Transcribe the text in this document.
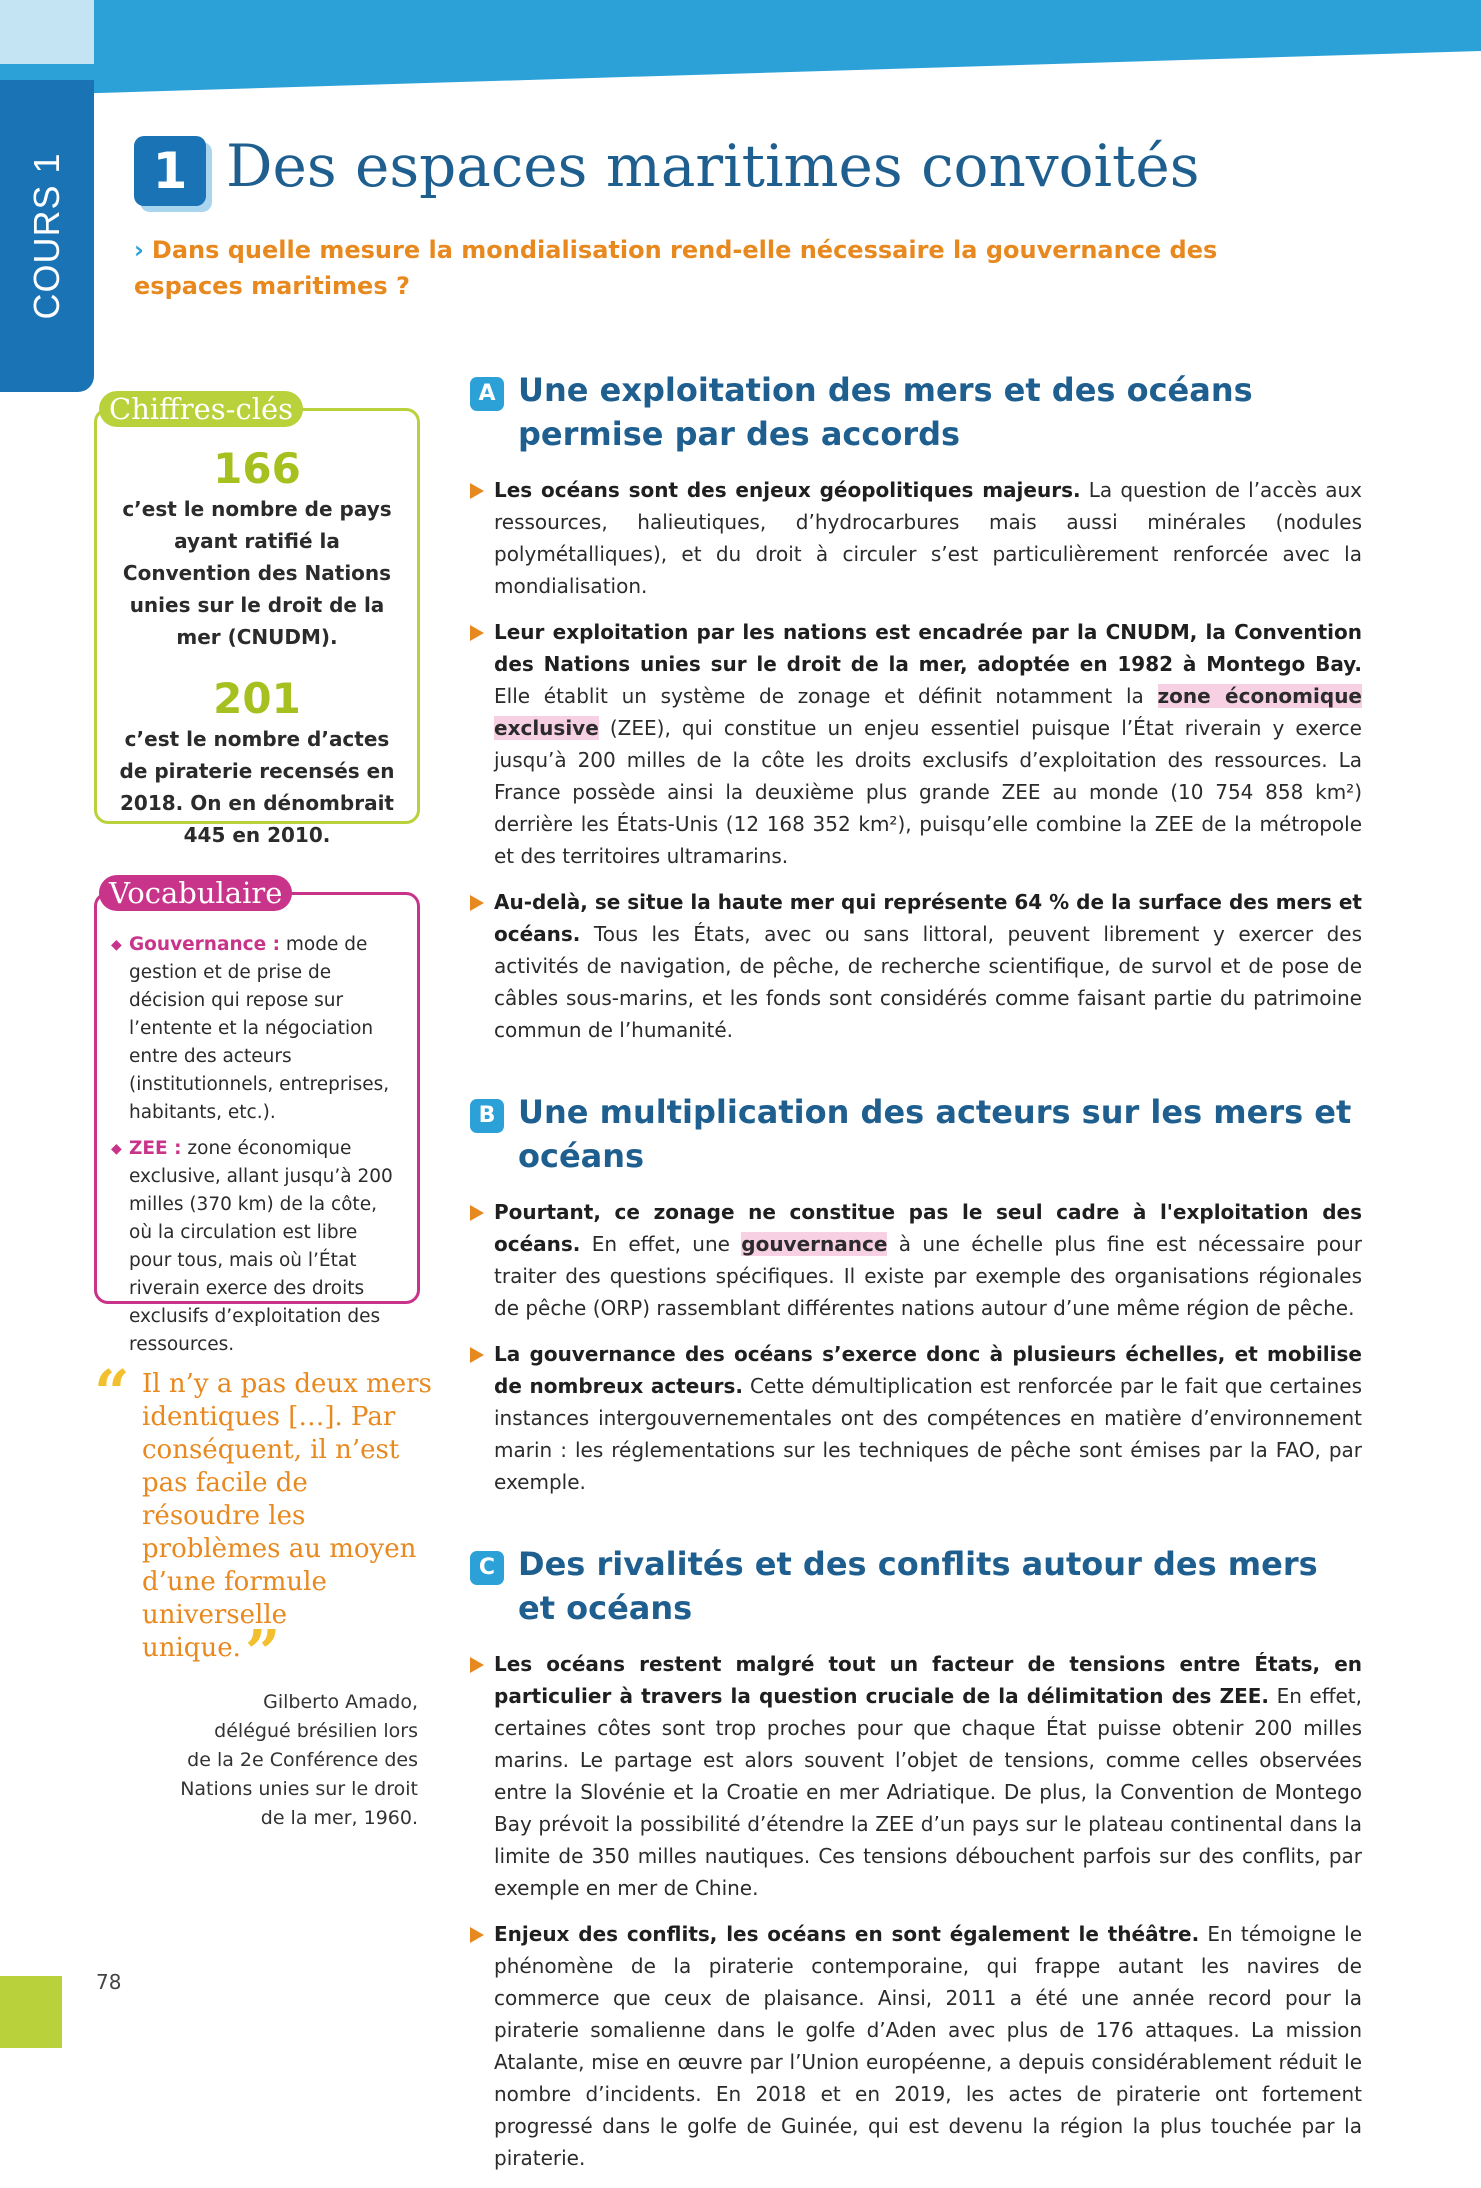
COURS 1	1 Des espaces maritimes convoités
› Dans quelle mesure la mondialisation rend-elle nécessaire la gouvernance des espaces maritimes ?
Chiffres-clés
166
c’est le nombre de pays ayant ratifié la Convention des Nations unies sur le droit de la mer (CNUDM).
201
c’est le nombre d’actes de piraterie recensés en 2018. On en dénombrait 445 en 2010.
Vocabulaire
◆ Gouvernance : mode de gestion et de prise de décision qui repose sur l’entente et la négociation entre des acteurs (institutionnels, entreprises, habitants, etc.).
◆ ZEE : zone économique exclusive, allant jusqu’à 200 milles (370 km) de la côte, où la circulation est libre pour tous, mais où l’État riverain exerce des droits exclusifs d’exploitation des ressources.
“ Il n’y a pas deux mers identiques […]. Par conséquent, il n’est pas facile de résoudre les problèmes au moyen d’une formule universelle unique.”

Gilberto Amado,
délégué brésilien lors
de la 2e Conférence des
Nations unies sur le droit
de la mer, 1960.
A Une exploitation des mers et des océans permise par des accords

Les océans sont des enjeux géopolitiques majeurs. La question de l’accès aux ressources, halieutiques, d’hydrocarbures mais aussi minérales (nodules polymétalliques), et du droit à circuler s’est particulièrement renforcée avec la mondialisation.

Leur exploitation par les nations est encadrée par la CNUDM, la Convention des Nations unies sur le droit de la mer, adoptée en 1982 à Montego Bay. Elle établit un système de zonage et définit notamment la zone économique exclusive (ZEE), qui constitue un enjeu essentiel puisque l’État riverain y exerce jusqu’à 200 milles de la côte les droits exclusifs d’exploitation des ressources. La France possède ainsi la deuxième plus grande ZEE au monde (10 754 858 km²) derrière les États-Unis (12 168 352 km²), puisqu’elle combine la ZEE de la métropole et des territoires ultramarins.

Au-delà, se situe la haute mer qui représente 64 % de la surface des mers et océans. Tous les États, avec ou sans littoral, peuvent librement y exercer des activités de navigation, de pêche, de recherche scientifique, de survol et de pose de câbles sous-marins, et les fonds sont considérés comme faisant partie du patrimoine commun de l’humanité.

B Une multiplication des acteurs sur les mers et océans

Pourtant, ce zonage ne constitue pas le seul cadre à l'exploitation des océans. En effet, une gouvernance à une échelle plus fine est nécessaire pour traiter des questions spécifiques. Il existe par exemple des organisations régionales de pêche (ORP) rassemblant différentes nations autour d’une même région de pêche.

La gouvernance des océans s’exerce donc à plusieurs échelles, et mobilise de nombreux acteurs. Cette démultiplication est renforcée par le fait que certaines instances intergouvernementales ont des compétences en matière d’environnement marin : les réglementations sur les techniques de pêche sont émises par la FAO, par exemple.

C Des rivalités et des conflits autour des mers et océans

Les océans restent malgré tout un facteur de tensions entre États, en particulier à travers la question cruciale de la délimitation des ZEE. En effet, certaines côtes sont trop proches pour que chaque État puisse obtenir 200 milles marins. Le partage est alors souvent l’objet de tensions, comme celles observées entre la Slovénie et la Croatie en mer Adriatique. De plus, la Convention de Montego Bay prévoit la possibilité d’étendre la ZEE d’un pays sur le plateau continental dans la limite de 350 milles nautiques. Ces tensions débouchent parfois sur des conflits, par exemple en mer de Chine.

Enjeux des conflits, les océans en sont également le théâtre. En témoigne le phénomène de la piraterie contemporaine, qui frappe autant les navires de commerce que ceux de plaisance. Ainsi, 2011 a été une année record pour la piraterie somalienne dans le golfe d’Aden avec plus de 176 attaques. La mission Atalante, mise en œuvre par l’Union européenne, a depuis considérablement réduit le nombre d’incidents. En 2018 et en 2019, les actes de piraterie ont fortement progressé dans le golfe de Guinée, qui est devenu la région la plus touchée par la piraterie.

78
